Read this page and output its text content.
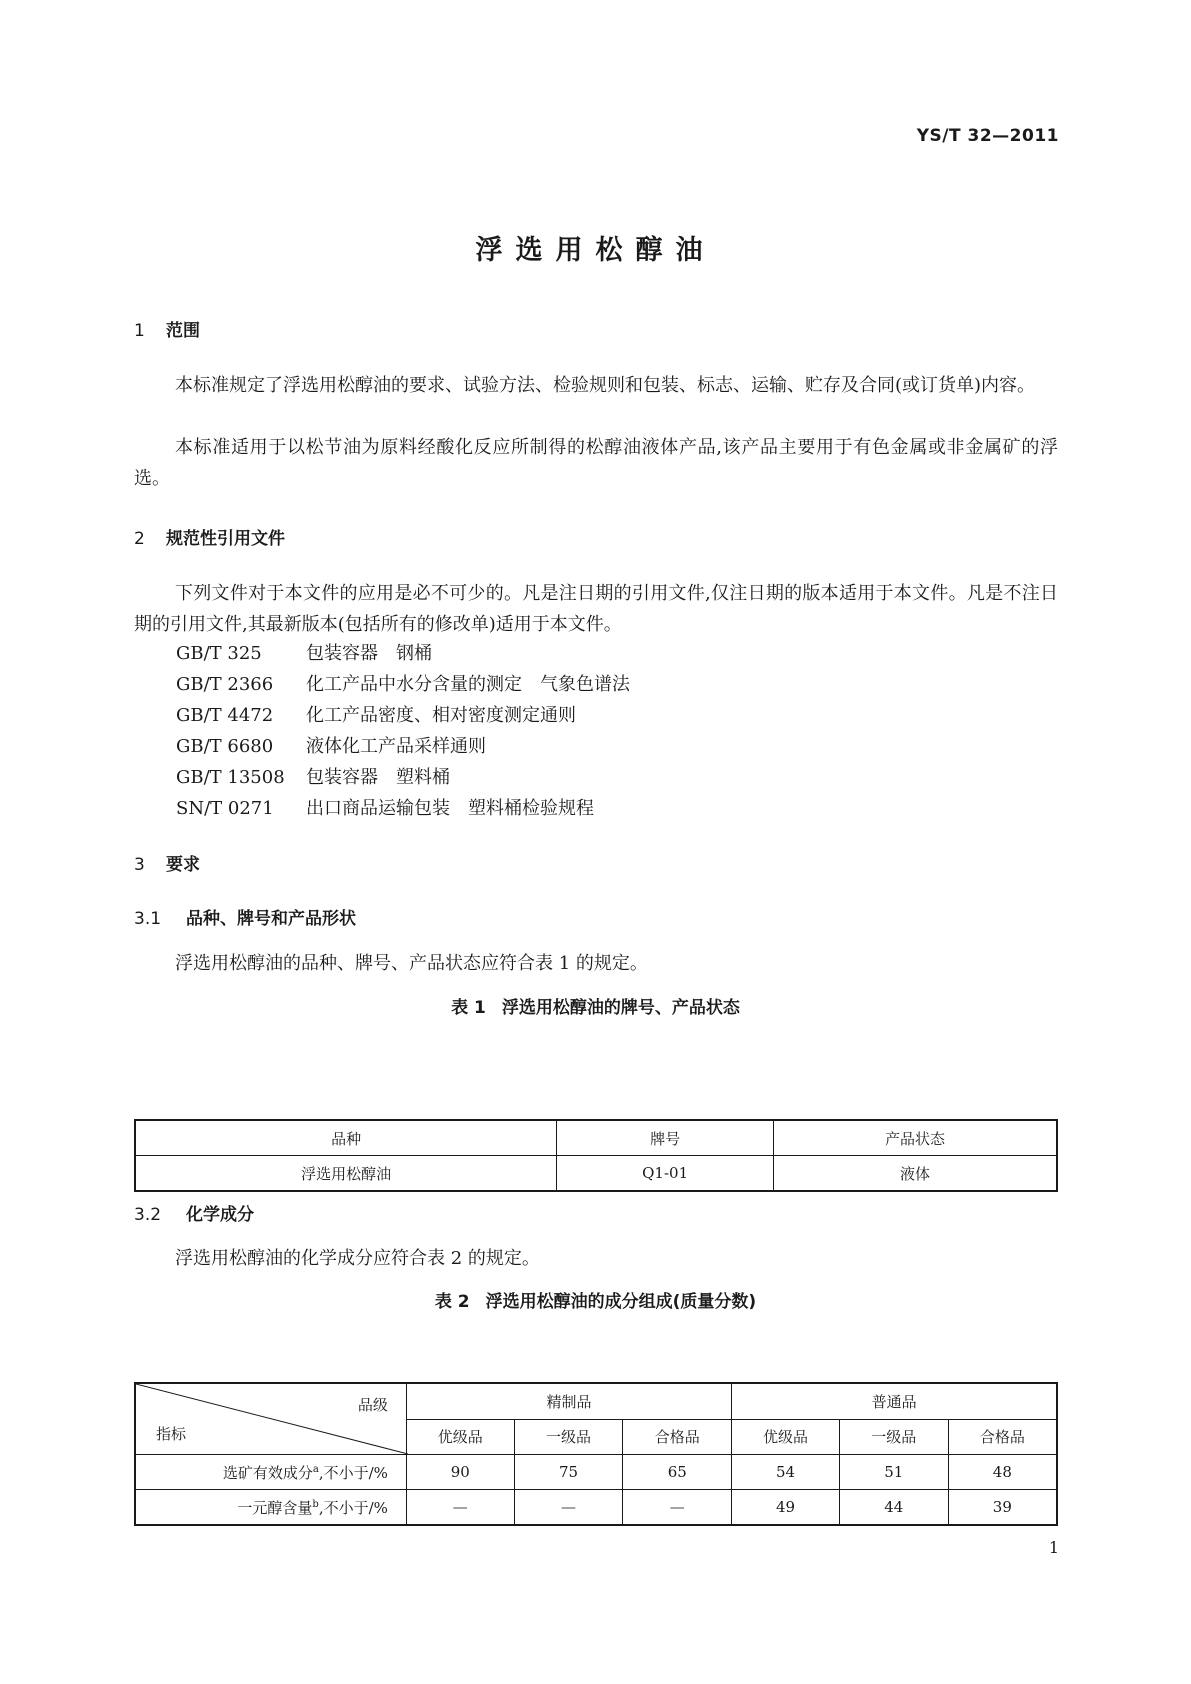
YS/T 32—2011
浮选用松醇油
1 范围

本标准规定了浮选用松醇油的要求、试验方法、检验规则和包装、标志、运输、贮存及合同(或订货单)内容。

本标准适用于以松节油为原料经酸化反应所制得的松醇油液体产品,该产品主要用于有色金属或非金属矿的浮选。

2 规范性引用文件

下列文件对于本文件的应用是必不可少的。凡是注日期的引用文件,仅注日期的版本适用于本文件。凡是不注日期的引用文件,其最新版本(包括所有的修改单)适用于本文件。

GB/T 325 包装容器　钢桶
GB/T 2366 化工产品中水分含量的测定　气象色谱法
GB/T 4472 化工产品密度、相对密度测定通则
GB/T 6680 液体化工产品采样通则
GB/T 13508 包装容器　塑料桶
SN/T 0271 出口商品运输包装　塑料桶检验规程
3 要求
3.1 品种、牌号和产品形状

浮选用松醇油的品种、牌号、产品状态应符合表 1 的规定。

表 1 浮选用松醇油的牌号、产品状态
品种	牌号	产品状态
浮选用松醇油	Q1-01	液体
3.2 化学成分

浮选用松醇油的化学成分应符合表 2 的规定。

表 2 浮选用松醇油的成分组成(质量分数)
品级
指标	精制品			普通品		
	优级品	一级品	合格品	优级品	一级品	合格品
选矿有效成分$^a$,不小于/%	90	75	65	54	51	48
一元醇含量$^b$,不小于/%	—	—	—	49	44	39
1
